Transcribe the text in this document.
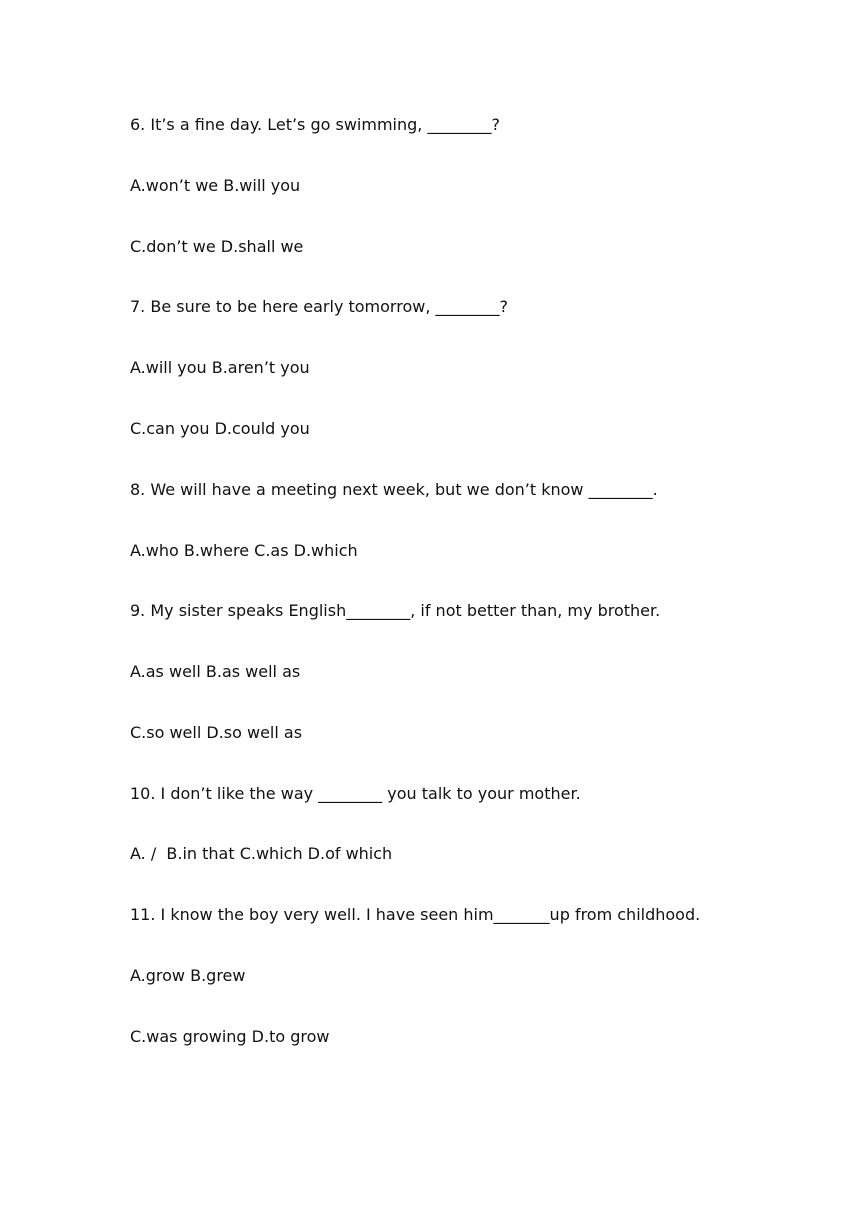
6. It’s a fine day. Let’s go swimming, ________?
A.won’t we B.will you
C.don’t we D.shall we
7. Be sure to be here early tomorrow, ________?
A.will you B.aren’t you
C.can you D.could you
8. We will have a meeting next week, but we don’t know ________.
A.who B.where C.as D.which
9. My sister speaks English________, if not better than, my brother.
A.as well B.as well as
C.so well D.so well as
10. I don’t like the way ________ you talk to your mother.
A. /  B.in that C.which D.of which
11. I know the boy very well. I have seen him_______up from childhood.
A.grow B.grew
C.was growing D.to grow
